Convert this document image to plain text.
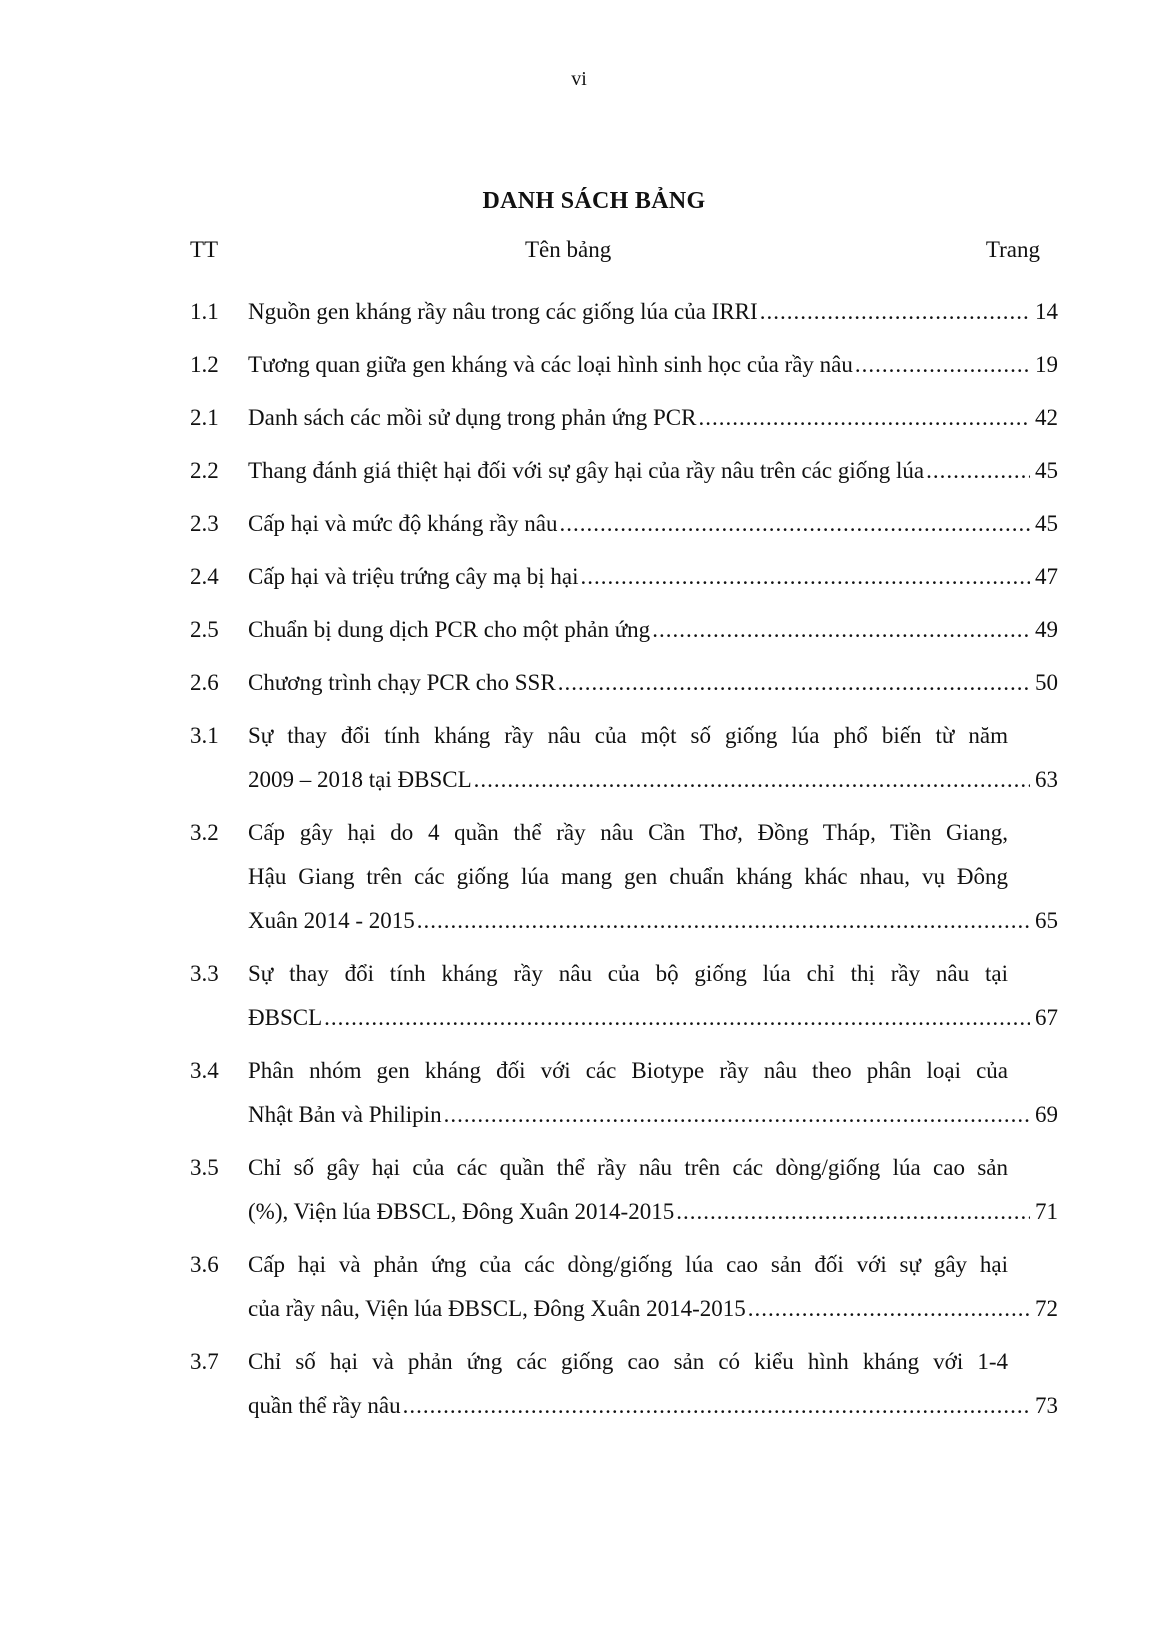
vi
DANH SÁCH BẢNG
TT	Tên bảng	Trang
1.1	Nguồn gen kháng rầy nâu trong các giống lúa của IRRI .....	14
1.2	Tương quan giữa gen kháng và các loại hình sinh học của rầy nâu .....	19
2.1	Danh sách các mồi sử dụng trong phản ứng PCR .....	42
2.2	Thang đánh giá thiệt hại đối với sự gây hại của rầy nâu trên các giống lúa .....	45
2.3	Cấp hại và mức độ kháng rầy nâu .....	45
2.4	Cấp hại và triệu trứng cây mạ bị hại .....	47
2.5	Chuẩn bị dung dịch PCR cho một phản ứng .....	49
2.6	Chương trình chạy PCR cho SSR .....	50
3.1	Sự thay đổi tính kháng rầy nâu của một số giống lúa phổ biến từ năm
2009 – 2018 tại ĐBSCL .....	63
3.2	Cấp gây hại do 4 quần thể rầy nâu Cần Thơ, Đồng Tháp, Tiền Giang,
Hậu Giang trên các giống lúa mang gen chuẩn kháng khác nhau, vụ Đông
Xuân 2014 - 2015 .....	65
3.3	Sự thay đổi tính kháng rầy nâu của bộ giống lúa chỉ thị rầy nâu tại
ĐBSCL .....	67
3.4	Phân nhóm gen kháng đối với các Biotype rầy nâu theo phân loại của
Nhật Bản và Philipin .....	69
3.5	Chỉ số gây hại của các quần thể rầy nâu trên các dòng/giống lúa cao sản
(%), Viện lúa ĐBSCL, Đông Xuân 2014-2015 .....	71
3.6	Cấp hại và phản ứng của các dòng/giống lúa cao sản đối với sự gây hại
của rầy nâu, Viện lúa ĐBSCL, Đông Xuân 2014-2015 .....	72
3.7	Chỉ số hại và phản ứng các giống cao sản có kiểu hình kháng với 1-4
quần thể rầy nâu .....	73
